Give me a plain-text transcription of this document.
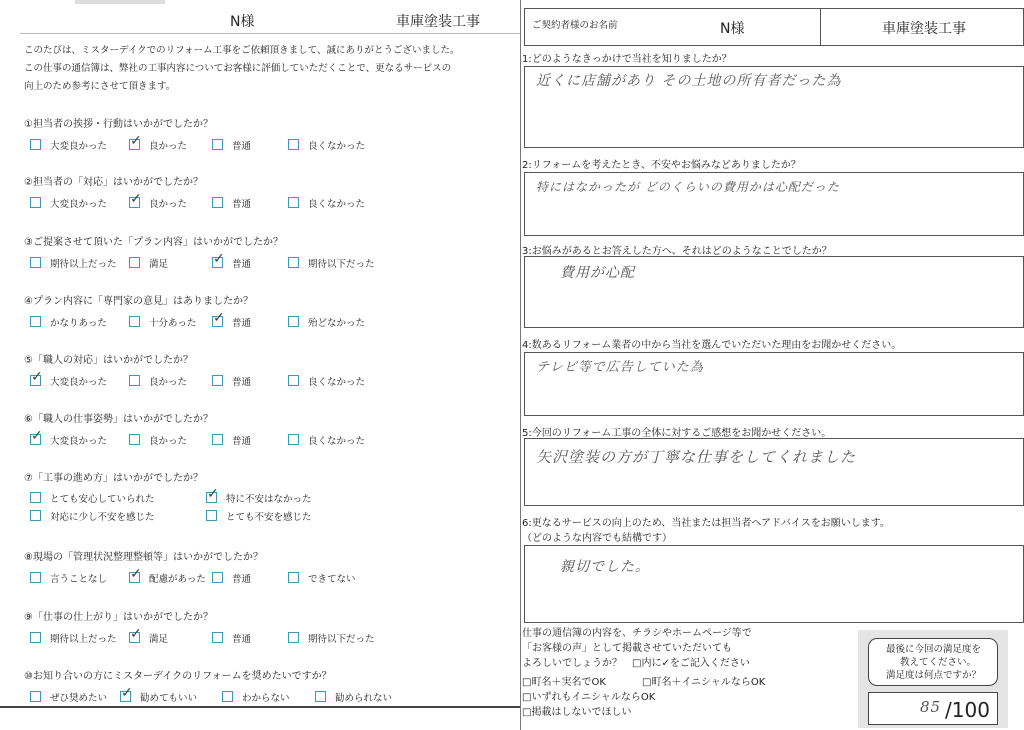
N様	車庫塗装工事
このたびは、ミスターデイクでのリフォーム工事をご依頼頂きまして、誠にありがとうございました。
この仕事の通信簿は、弊社の工事内容についてお客様に評価していただくことで、更なるサービスの
向上のため参考にさせて頂きます。
①担当者の挨拶・行動はいかがでしたか？
大変良かった ✓ 良かった	普通	良くなかった
②担当者の「対応」はいかがでしたか？
大変良かった ✓ 良かった	普通	良くなかった
③ご提案させて頂いた「プラン内容」はいかがでしたか？
期待以上だった	満足	✓ 普通	期待以下だった
④プラン内容に「専門家の意見」はありましたか？
かなりあった	十分あった ✓ 普通	殆どなかった
⑤「職人の対応」はいかがでしたか？
✓ 大変良かった	良かった	普通	良くなかった
⑥「職人の仕事姿勢」はいかがでしたか？
✓ 大変良かった	良かった	普通	良くなかった
⑦「工事の進め方」はいかがでしたか？
とても安心していられた	✓ 特に不安はなかった
対応に少し不安を感じた	とても不安を感じた
⑧現場の「管理状況整理整頓等」はいかがでしたか？
言うことなし ✓ 配慮があった	普通	できてない
⑨「仕事の仕上がり」はいかがでしたか？
期待以上だった ✓ 満足	普通	期待以下だった
⑩お知り合いの方にミスターデイクのリフォームを奨めたいですか？
ぜひ奨めたい ✓ 勧めてもいい	わからない	勧められない
ご契約者様のお名前	N様	車庫塗装工事
1:どのようなきっかけで当社を知りましたか？
近くに店舗があり その土地の所有者だった為
2:リフォームを考えたとき、不安やお悩みなどありましたか？
特にはなかったが どのくらいの費用かは心配だった
3:お悩みがあるとお答えした方へ、それはどのようなことでしたか？
費用が心配
4:数あるリフォーム業者の中から当社を選んでいただいた理由をお聞かせください。
テレビ等で広告していた為
5:今回のリフォーム工事の全体に対するご感想をお聞かせください。
矢沢塗装の方が丁寧な仕事をしてくれました
6:更なるサービスの向上のため、当社または担当者へアドバイスをお願いします。
（どのような内容でも結構です）
親切でした。
仕事の通信簿の内容を、チラシやホームページ等で
「お客様の声」として掲載させていただいても
よろしいでしょうか？　□内に✓をご記入ください
□町名＋実名でOK	□町名＋イニシャルならOK
□いずれもイニシャルならOK
□掲載はしないでほしい
最後に今回の満足度を
教えてください。
満足度は何点ですか？
85 /100
